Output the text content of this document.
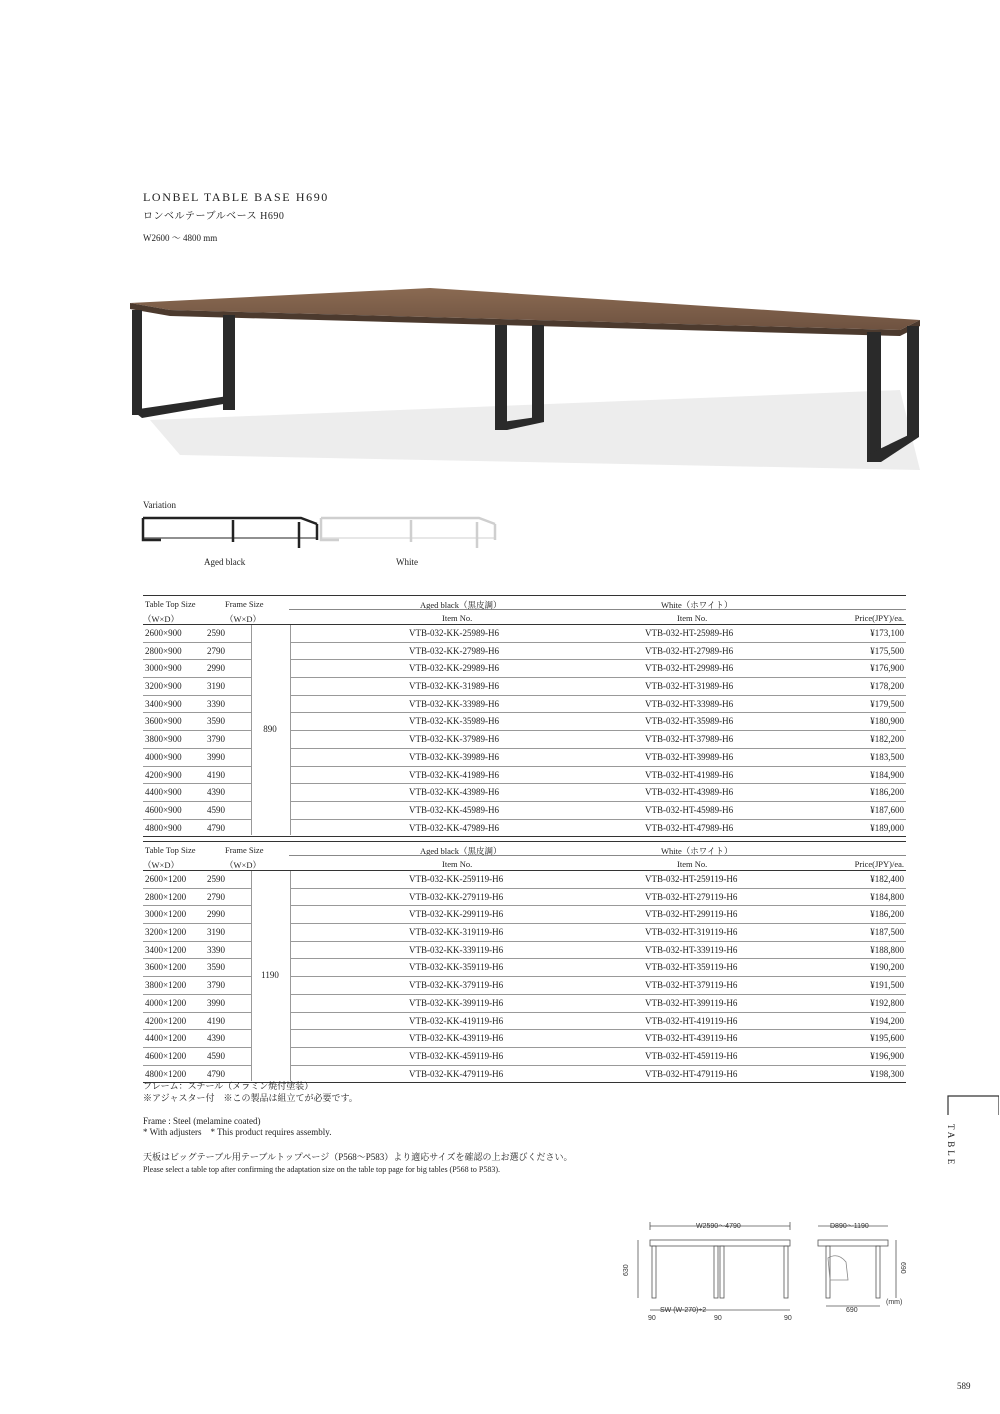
LONBEL TABLE BASE H690
ロンベルテーブルベース H690
W2600 〜 4800 mm
Variation
Aged black	White
Table Top Size
（W×D）
Frame Size
（W×D）
Aged black（黒皮調）	White（ホワイト）
Item No.	Item No.	Price(JPY)/ea.
2600×900	2590	VTB-032-KK-25989-H6	VTB-032-HT-25989-H6	¥173,100
2800×900	2790	VTB-032-KK-27989-H6	VTB-032-HT-27989-H6	¥175,500
3000×900	2990	VTB-032-KK-29989-H6	VTB-032-HT-29989-H6	¥176,900
3200×900	3190	VTB-032-KK-31989-H6	VTB-032-HT-31989-H6	¥178,200
3400×900	3390	VTB-032-KK-33989-H6	VTB-032-HT-33989-H6	¥179,500
3600×900	3590	VTB-032-KK-35989-H6	VTB-032-HT-35989-H6	¥180,900
3800×900	3790	VTB-032-KK-37989-H6	VTB-032-HT-37989-H6	¥182,200
4000×900	3990	VTB-032-KK-39989-H6	VTB-032-HT-39989-H6	¥183,500
4200×900	4190	VTB-032-KK-41989-H6	VTB-032-HT-41989-H6	¥184,900
4400×900	4390	VTB-032-KK-43989-H6	VTB-032-HT-43989-H6	¥186,200
4600×900	4590	VTB-032-KK-45989-H6	VTB-032-HT-45989-H6	¥187,600
4800×900	4790	VTB-032-KK-47989-H6	VTB-032-HT-47989-H6	¥189,000
890
Table Top Size
（W×D）
Frame Size
（W×D）
Aged black（黒皮調）	White（ホワイト）
Item No.	Item No.	Price(JPY)/ea.
2600×1200 2590	VTB-032-KK-259119-H6	VTB-032-HT-259119-H6	¥182,400
2800×1200 2790	VTB-032-KK-279119-H6	VTB-032-HT-279119-H6	¥184,800
3000×1200 2990	VTB-032-KK-299119-H6	VTB-032-HT-299119-H6	¥186,200
3200×1200 3190	VTB-032-KK-319119-H6	VTB-032-HT-319119-H6	¥187,500
3400×1200 3390	VTB-032-KK-339119-H6	VTB-032-HT-339119-H6	¥188,800
3600×1200 3590	VTB-032-KK-359119-H6	VTB-032-HT-359119-H6	¥190,200
3800×1200 3790	VTB-032-KK-379119-H6	VTB-032-HT-379119-H6	¥191,500
4000×1200 3990	VTB-032-KK-399119-H6	VTB-032-HT-399119-H6	¥192,800
4200×1200 4190	VTB-032-KK-419119-H6	VTB-032-HT-419119-H6	¥194,200
4400×1200 4390	VTB-032-KK-439119-H6	VTB-032-HT-439119-H6	¥195,600
4600×1200 4590	VTB-032-KK-459119-H6	VTB-032-HT-459119-H6	¥196,900
4800×1200 4790	VTB-032-KK-479119-H6	VTB-032-HT-479119-H6	¥198,300
1190
フレーム：スチール（メラミン焼付塗装）
※アジャスター付　※この製品は組立てが必要です。
Frame : Steel (melamine coated)
* With adjusters　* This product requires assembly.
天板はビッグテーブル用テーブルトップページ（P568〜P583）より適応サイズを確認の上お選びください。
Please select a table top after confirming the adaptation size on the table top page for big tables (P568 to P583).
TABLE
W2590〜4790	D890〜1190
630	690
SW (W-270)÷2
90	90	90
690
(mm)
589
